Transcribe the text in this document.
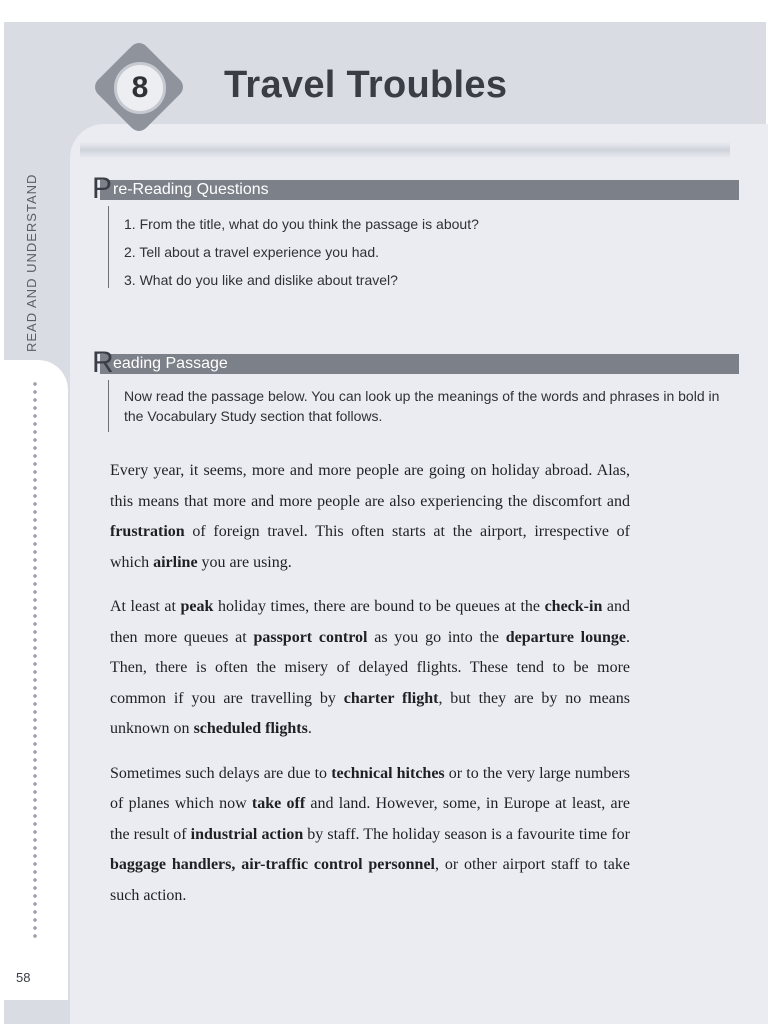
8 Travel Troubles
READ AND UNDERSTAND P re-Reading Questions
1. From the title, what do you think the passage is about?
2. Tell about a travel experience you had.
3. What do you like and dislike about travel?
R eading Passage
Now read the passage below. You can look up the meanings of the words and phrases in bold in the Vocabulary Study section that follows.

Every year, it seems, more and more people are going on holiday abroad. Alas, this means that more and more people are also experiencing the discomfort and frustration of foreign travel. This often starts at the airport, irrespective of which airline you are using.

At least at peak holiday times, there are bound to be queues at the check-in and then more queues at passport control as you go into the departure lounge. Then, there is often the misery of delayed flights. These tend to be more common if you are travelling by charter flight, but they are by no means unknown on scheduled flights.

Sometimes such delays are due to technical hitches or to the very large numbers of planes which now take off and land. However, some, in Europe at least, are the result of industrial action by staff. The holiday season is a favourite time for baggage handlers, air-traffic control personnel, or other airport staff to take such action.

58
